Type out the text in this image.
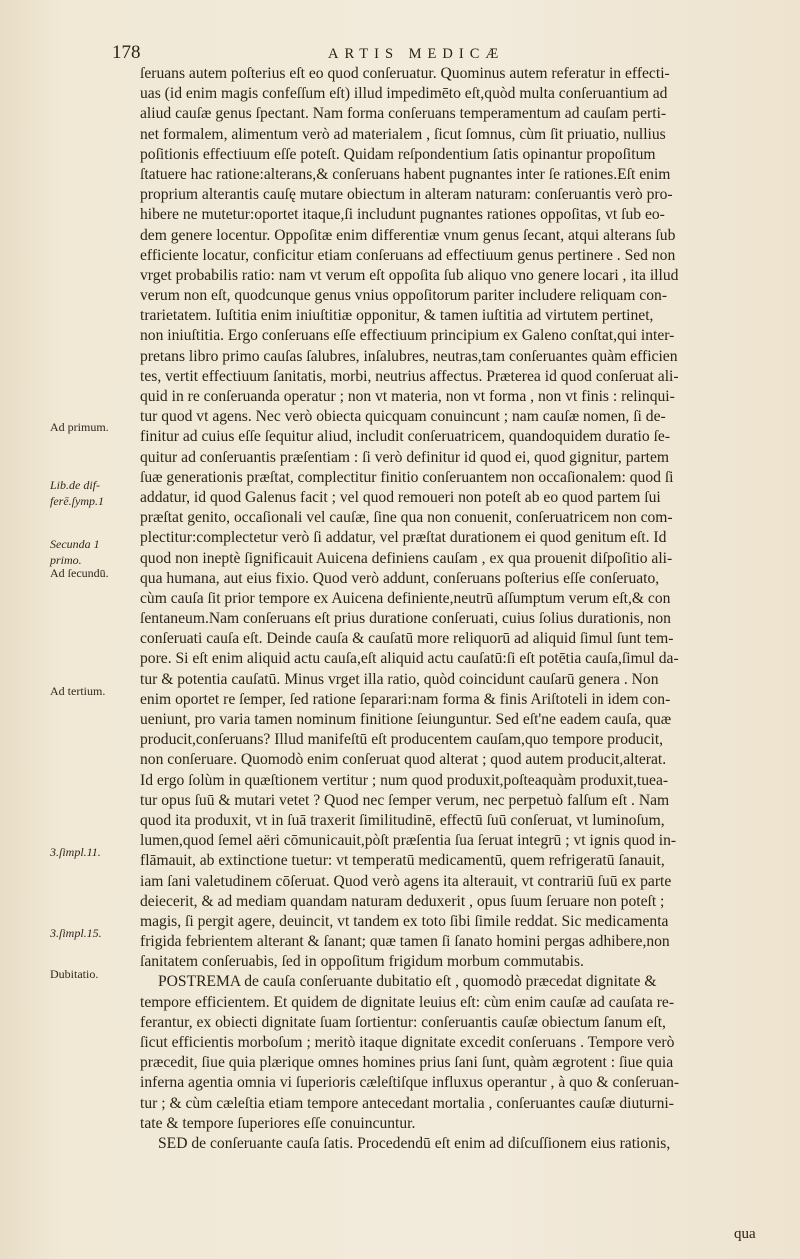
178	ARTIS MEDICÆ
Ad primum.
Lib.de dif-
ferē.ſymp.1
Secunda 1
primo.
Ad ſecundū.
Ad tertium.
3.ſimpl.11.
3.ſimpl.15.
Dubitatio.
ſeruans autem poſterius eſt eo quod conſeruatur. Quominus autem referatur in effecti-
uas (id enim magis confeſſum eſt) illud impedimēto eſt,quòd multa conſeruantium ad
aliud cauſæ genus ſpectant. Nam forma conſeruans temperamentum ad cauſam perti-
net formalem, alimentum verò ad materialem , ſicut ſomnus, cùm ſit priuatio, nullius
poſitionis effectiuum eſſe poteſt. Quidam reſpondentium ſatis opinantur propoſitum
ſtatuere hac ratione:alterans,& conſeruans habent pugnantes inter ſe rationes.Eſt enim
proprium alterantis cauſę mutare obiectum in alteram naturam: conſeruantis verò pro-
hibere ne mutetur:oportet itaque,ſi includunt pugnantes rationes oppoſitas, vt ſub eo-
dem genere locentur. Oppoſitæ enim differentiæ vnum genus ſecant, atqui alterans ſub
efficiente locatur, conficitur etiam conſeruans ad effectiuum genus pertinere . Sed non
vrget probabilis ratio: nam vt verum eſt oppoſita ſub aliquo vno genere locari , ita illud
verum non eſt, quodcunque genus vnius oppoſitorum pariter includere reliquam con-
trarietatem. Iuſtitia enim iniuſtitiæ opponitur, & tamen iuſtitia ad virtutem pertinet,
non iniuſtitia. Ergo conſeruans eſſe effectiuum principium ex Galeno conſtat,qui inter-
pretans libro primo cauſas ſalubres, inſalubres, neutras,tam conſeruantes quàm efficien
tes, vertit effectiuum ſanitatis, morbi, neutrius affectus. Præterea id quod conſeruat ali-
quid in re conſeruanda operatur ; non vt materia, non vt forma , non vt finis : relinqui-
tur quod vt agens. Nec verò obiecta quicquam conuincunt ; nam cauſæ nomen, ſi de-
finitur ad cuius eſſe ſequitur aliud, includit conſeruatricem, quandoquidem duratio ſe-
quitur ad conſeruantis præſentiam : ſi verò definitur id quod ei, quod gignitur, partem
ſuæ generationis præſtat, complectitur finitio conſeruantem non occaſionalem: quod ſi
addatur, id quod Galenus facit ; vel quod remoueri non poteſt ab eo quod partem ſui
præſtat genito, occaſionali vel cauſæ, ſine qua non conuenit, conſeruatricem non com-
plectitur:complectetur verò ſi addatur, vel præſtat durationem ei quod genitum eſt. Id
quod non ineptè ſignificauit Auicena definiens cauſam , ex qua prouenit diſpoſitio ali-
qua humana, aut eius fixio. Quod verò addunt, conſeruans poſterius eſſe conſeruato,
cùm cauſa ſit prior tempore ex Auicena definiente,neutrū aſſumptum verum eſt,& con
ſentaneum.Nam conſeruans eſt prius duratione conſeruati, cuius ſolius durationis, non
conſeruati cauſa eſt. Deinde cauſa & cauſatū more reliquorū ad aliquid ſimul ſunt tem-
pore. Si eſt enim aliquid actu cauſa,eſt aliquid actu cauſatū:ſi eſt potētia cauſa,ſimul da-
tur & potentia cauſatū. Minus vrget illa ratio, quòd coincidunt cauſarū genera . Non
enim oportet re ſemper, ſed ratione ſeparari:nam forma & finis Ariſtoteli in idem con-
ueniunt, pro varia tamen nominum finitione ſeiunguntur. Sed eſt'ne eadem cauſa, quæ
producit,conſeruans? Illud manifeſtū eſt producentem cauſam,quo tempore producit,
non conſeruare. Quomodò enim conſeruat quod alterat ; quod autem producit,alterat.
Id ergo ſolùm in quæſtionem vertitur ; num quod produxit,poſteaquàm produxit,tuea-
tur opus ſuū & mutari vetet ? Quod nec ſemper verum, nec perpetuò falſum eſt . Nam
quod ita produxit, vt in ſuā traxerit ſimilitudinē, effectū ſuū conſeruat, vt luminoſum,
lumen,quod ſemel aëri cōmunicauit,pòſt præſentia ſua ſeruat integrū ; vt ignis quod in-
flāmauit, ab extinctione tuetur: vt temperatū medicamentū, quem refrigeratū ſanauit,
iam ſani valetudinem cōſeruat. Quod verò agens ita alterauit, vt contrariū ſuū ex parte
deiecerit, & ad mediam quandam naturam deduxerit , opus ſuum ſeruare non poteſt ;
magis, ſi pergit agere, deuincit, vt tandem ex toto ſibi ſimile reddat. Sic medicamenta
frigida febrientem alterant & ſanant; quæ tamen ſi ſanato homini pergas adhibere,non
ſanitatem conſeruabis, ſed in oppoſitum frigidum morbum commutabis.
POSTREMA de cauſa conſeruante dubitatio eſt , quomodò præcedat dignitate &
tempore efficientem. Et quidem de dignitate leuius eſt: cùm enim cauſæ ad cauſata re-
ferantur, ex obiecti dignitate ſuam ſortientur: conſeruantis cauſæ obiectum ſanum eſt,
ſicut efficientis morboſum ; meritò itaque dignitate excedit conſeruans . Tempore verò
præcedit, ſiue quia plærique omnes homines prius ſani ſunt, quàm ægrotent : ſiue quia
inferna agentia omnia vi ſuperioris cæleſtiſque influxus operantur , à quo & conſeruan-
tur ; & cùm cæleſtia etiam tempore antecedant mortalia , conſeruantes cauſæ diuturni-
tate & tempore ſuperiores eſſe conuincuntur.
SED de conſeruante cauſa ſatis. Procedendū eſt enim ad diſcuſſionem eius rationis,
qua
